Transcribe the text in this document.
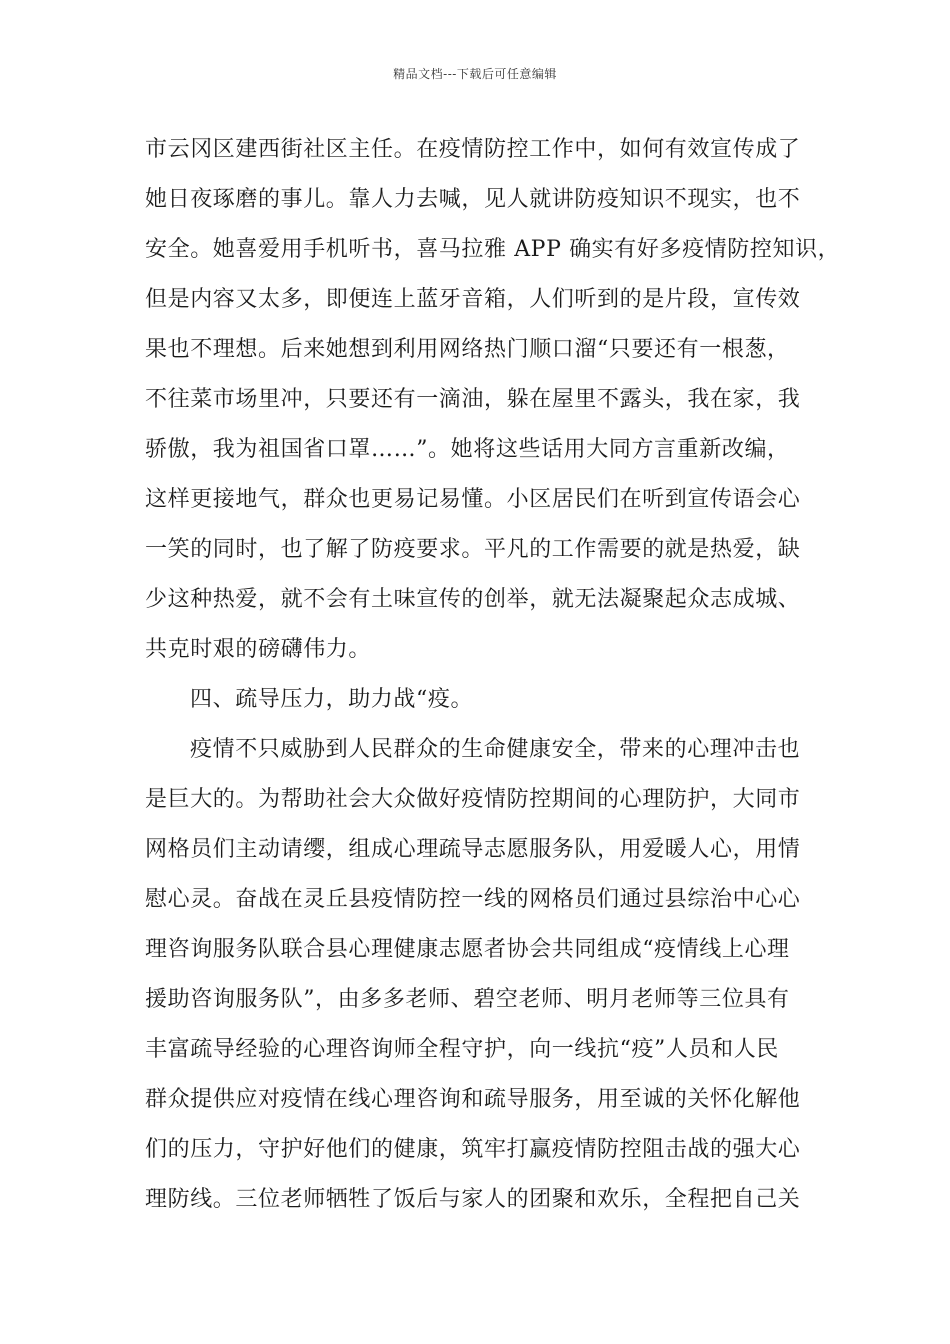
精品文档---下载后可任意编辑
市云冈区建西街社区主任。在疫情防控工作中，如何有效宣传成了
她日夜琢磨的事儿。靠人力去喊，见人就讲防疫知识不现实，也不
安全。她喜爱用手机听书，喜马拉雅 APP 确实有好多疫情防控知识，
但是内容又太多，即便连上蓝牙音箱，人们听到的是片段，宣传效
果也不理想。后来她想到利用网络热门顺口溜“只要还有一根葱，
不往菜市场里冲，只要还有一滴油，躲在屋里不露头，我在家，我
骄傲，我为祖国省口罩……”。她将这些话用大同方言重新改编，
这样更接地气，群众也更易记易懂。小区居民们在听到宣传语会心
一笑的同时，也了解了防疫要求。平凡的工作需要的就是热爱，缺
少这种热爱，就不会有土味宣传的创举，就无法凝聚起众志成城、
共克时艰的磅礴伟力。
四、疏导压力，助力战“疫。
疫情不只威胁到人民群众的生命健康安全，带来的心理冲击也
是巨大的。为帮助社会大众做好疫情防控期间的心理防护，大同市
网格员们主动请缨，组成心理疏导志愿服务队，用爱暖人心，用情
慰心灵。奋战在灵丘县疫情防控一线的网格员们通过县综治中心心
理咨询服务队联合县心理健康志愿者协会共同组成“疫情线上心理
援助咨询服务队”，由多多老师、碧空老师、明月老师等三位具有
丰富疏导经验的心理咨询师全程守护，向一线抗“疫”人员和人民
群众提供应对疫情在线心理咨询和疏导服务，用至诚的关怀化解他
们的压力，守护好他们的健康，筑牢打赢疫情防控阻击战的强大心
理防线。三位老师牺牲了饭后与家人的团聚和欢乐，全程把自己关
